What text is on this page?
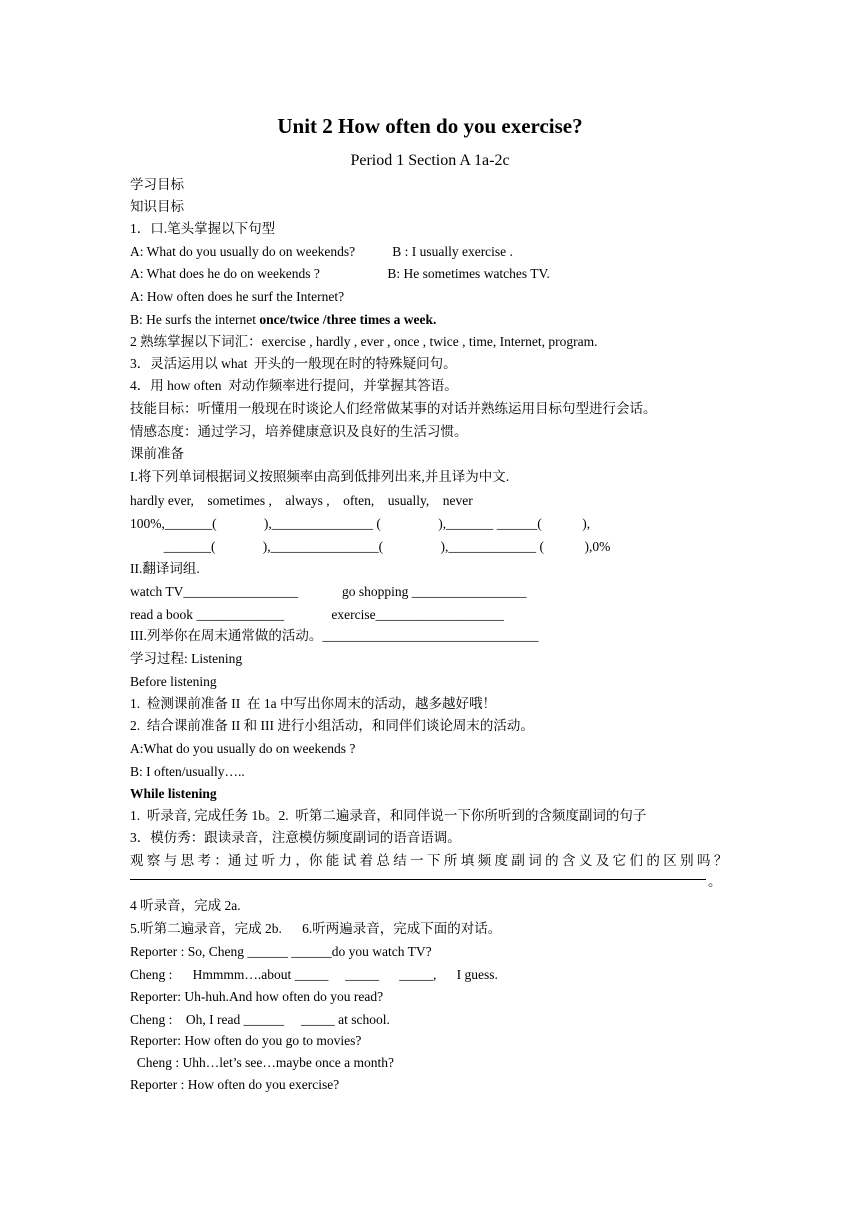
Unit 2 How often do you exercise?
Period 1 Section A 1a-2c
学习目标
知识目标
1．口.笔头掌握以下句型
A: What do you usually do on weekends?           B : I usually exercise .
A: What does he do on weekends ?                    B: He sometimes watches TV.
A: How often does he surf the Internet?
B: He surfs the internet once/twice /three times a week.
2 熟练掌握以下词汇：exercise , hardly , ever , once , twice , time, Internet, program.
3．灵活运用以 what  开头的一般现在时的特殊疑问句。
4．用 how often  对动作频率进行提问，并掌握其答语。
技能目标：听懂用一般现在时谈论人们经常做某事的对话并熟练运用目标句型进行会话。
情感态度：通过学习，培养健康意识及良好的生活习惯。
课前准备
I.将下列单词根据词义按照频率由高到低排列出来,并且译为中文.
hardly ever,    sometimes ,    always ,    often,    usually,    never
100%,_______(              ),_______________ (                 ),_______ ______(            ),
_______(              ),________________(                 ),_____________ (            ),0%
II.翻译词组.
watch TV_________________             go shopping _________________
read a book _____________              exercise___________________
III.列举你在周末通常做的活动。________________________________
学习过程: Listening
Before listening
1.  检测课前准备 II  在 1a 中写出你周末的活动，越多越好哦！
2.  结合课前准备 II 和 III 进行小组活动，和同伴们谈论周末的活动。
A:What do you usually do on weekends ?
B: I often/usually…..
While listening
1.  听录音, 完成任务 1b。2.  听第二遍录音，和同伴说一下你所听到的含频度副词的句子
3．模仿秀：跟读录音，注意模仿频度副词的语音语调。
观 察 与 思 考 ：通 过 听 力 ，你 能 试 着 总 结 一 下 所 填 频 度 副 词 的 含 义 及 它 们 的 区 别 吗 ？
。
4 听录音，完成 2a.
5.听第二遍录音，完成 2b.      6.听两遍录音，完成下面的对话。
Reporter : So, Cheng ______ ______do you watch TV?
Cheng :      Hmmmm….about _____     _____      _____,      I guess.
Reporter: Uh-huh.And how often do you read?
Cheng :    Oh, I read ______     _____ at school.
Reporter: How often do you go to movies?
Cheng : Uhh…let’s see…maybe once a month?
Reporter : How often do you exercise?
